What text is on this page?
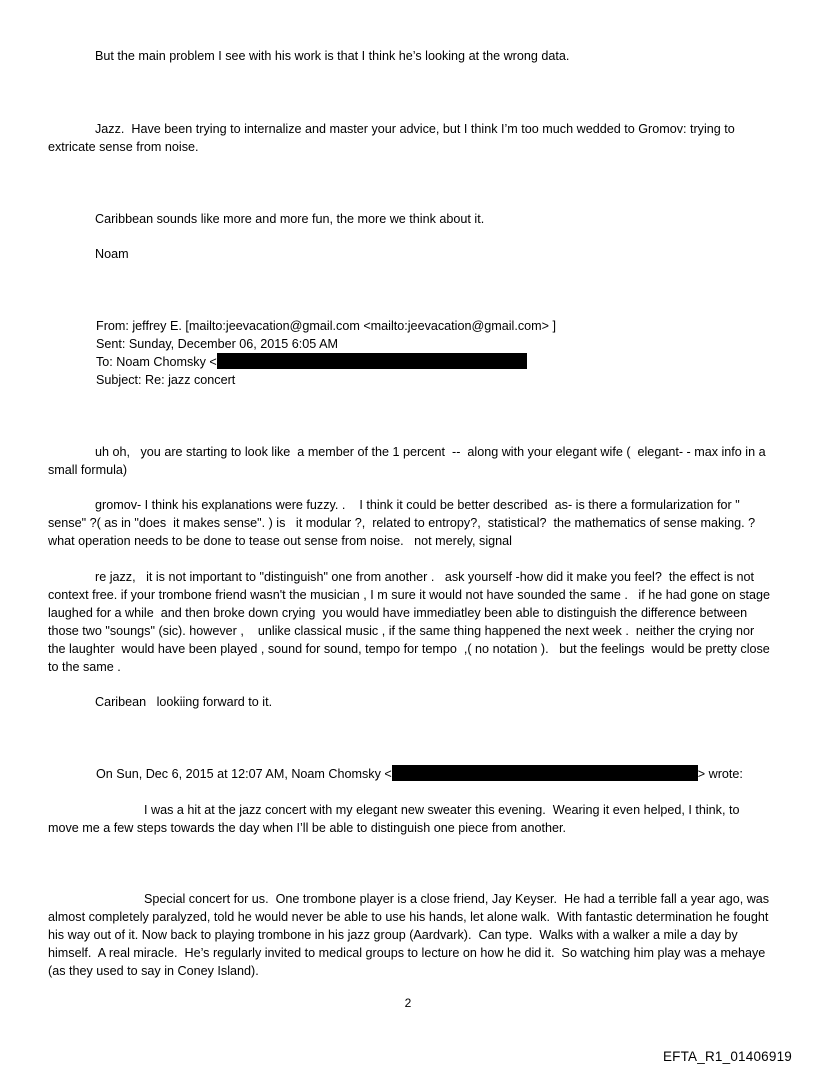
But the main problem I see with his work is that I think he’s looking at the wrong data.

Jazz.  Have been trying to internalize and master your advice, but I think I’m too much wedded to Gromov: trying to extricate sense from noise.

Caribbean sounds like more and more fun, the more we think about it.

Noam

From: jeffrey E. [mailto:jeevacation@gmail.com <mailto:jeevacation@gmail.com> ]

Sent: Sunday, December 06, 2015 6:05 AM

To: Noam Chomsky <

Subject: Re: jazz concert

uh oh,   you are starting to look like  a member of the 1 percent  --  along with your elegant wife (  elegant- - max info in a small formula)

gromov- I think his explanations were fuzzy. .    I think it could be better described  as- is there a formularization for " sense" ?( as in "does  it makes sense". ) is   it modular ?,  related to entropy?,  statistical?  the mathematics of sense making. ?  what operation needs to be done to tease out sense from noise.   not merely, signal

re jazz,   it is not important to "distinguish" one from another .   ask yourself -how did it make you feel?  the effect is not context free. if your trombone friend wasn't the musician , I m sure it would not have sounded the same .   if he had gone on stage laughed for a while  and then broke down crying  you would have immediatley been able to distinguish the difference between  those two "soungs" (sic). however ,    unlike classical music , if the same thing happened the next week .  neither the crying nor the laughter  would have been played , sound for sound, tempo for tempo  ,( no notation ).   but the feelings  would be pretty close to the same .

Caribean   lookiing forward to it.

On Sun, Dec 6, 2015 at 12:07 AM, Noam Chomsky <	> wrote:

I was a hit at the jazz concert with my elegant new sweater this evening.  Wearing it even helped, I think, to move me a few steps towards the day when I’ll be able to distinguish one piece from another.

Special concert for us.  One trombone player is a close friend, Jay Keyser.  He had a terrible fall a year ago, was almost completely paralyzed, told he would never be able to use his hands, let alone walk.  With fantastic determination he fought his way out of it. Now back to playing trombone in his jazz group (Aardvark).  Can type.  Walks with a walker a mile a day by himself.  A real miracle.  He’s regularly invited to medical groups to lecture on how he did it.  So watching him play was a mehaye (as they used to say in Coney Island).

2
EFTA_R1_01406919
